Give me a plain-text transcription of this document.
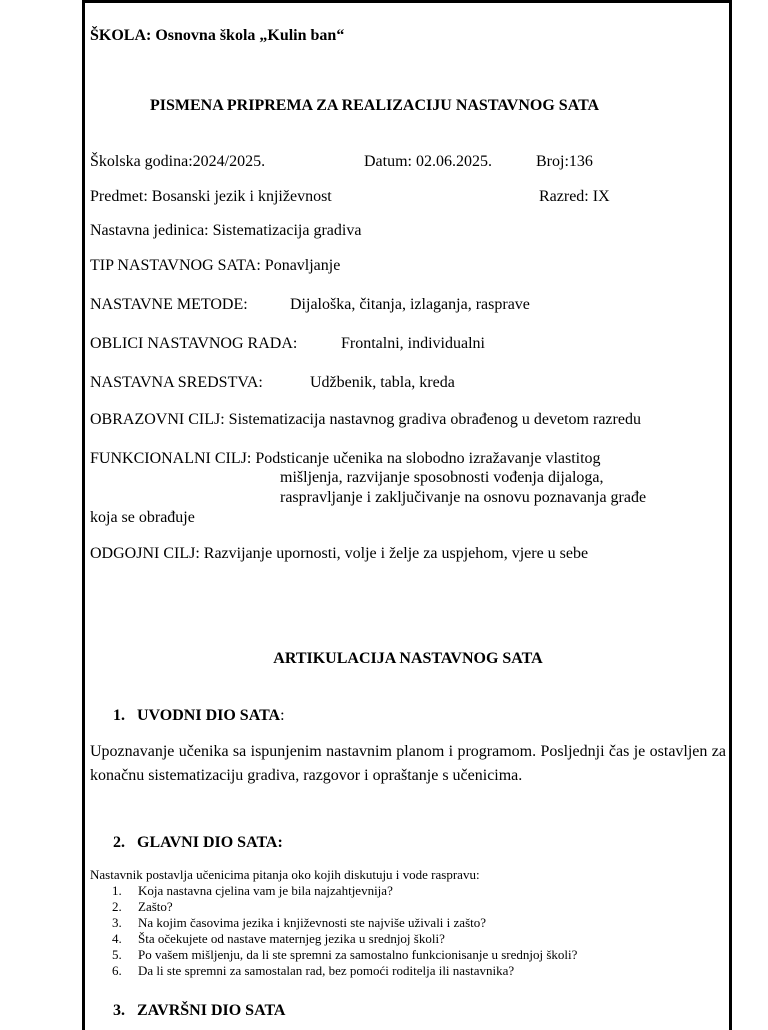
ŠKOLA: Osnovna škola „Kulin ban“
PISMENA PRIPREMA ZA REALIZACIJU NASTAVNOG SATA
Školska godina:2024/2025.	Datum: 02.06.2025.	Broj:136
Predmet: Bosanski jezik i književnost	Razred: IX
Nastavna jedinica: Sistematizacija gradiva
TIP NASTAVNOG SATA: Ponavljanje
NASTAVNE METODE:	Dijaloška, čitanja, izlaganja, rasprave
OBLICI NASTAVNOG RADA:	Frontalni, individualni
NASTAVNA SREDSTVA:	Udžbenik, tabla, kreda
OBRAZOVNI CILJ: Sistematizacija nastavnog gradiva obrađenog u devetom razredu
FUNKCIONALNI CILJ: Podsticanje učenika na slobodno izražavanje vlastitog
mišljenja, razvijanje sposobnosti vođenja dijaloga,
raspravljanje i zaključivanje na osnovu poznavanja građe
koja se obrađuje
ODGOJNI CILJ: Razvijanje upornosti, volje i želje za uspjehom, vjere u sebe
ARTIKULACIJA NASTAVNOG SATA
1. UVODNI DIO SATA:
Upoznavanje učenika sa ispunjenim nastavnim planom i programom. Posljednji čas je ostavljen za konačnu sistematizaciju gradiva, razgovor i opraštanje s učenicima.
2. GLAVNI DIO SATA:
Nastavnik postavlja učenicima pitanja oko kojih diskutuju i vode raspravu:
1. Koja nastavna cjelina vam je bila najzahtjevnija?
2. Zašto?
3. Na kojim časovima jezika i književnosti ste najviše uživali i zašto?
4. Šta očekujete od nastave maternjeg jezika u srednjoj školi?
5. Po vašem mišljenju, da li ste spremni za samostalno funkcionisanje u srednjoj školi?
6. Da li ste spremni za samostalan rad, bez pomoći roditelja ili nastavnika?
3. ZAVRŠNI DIO SATA
